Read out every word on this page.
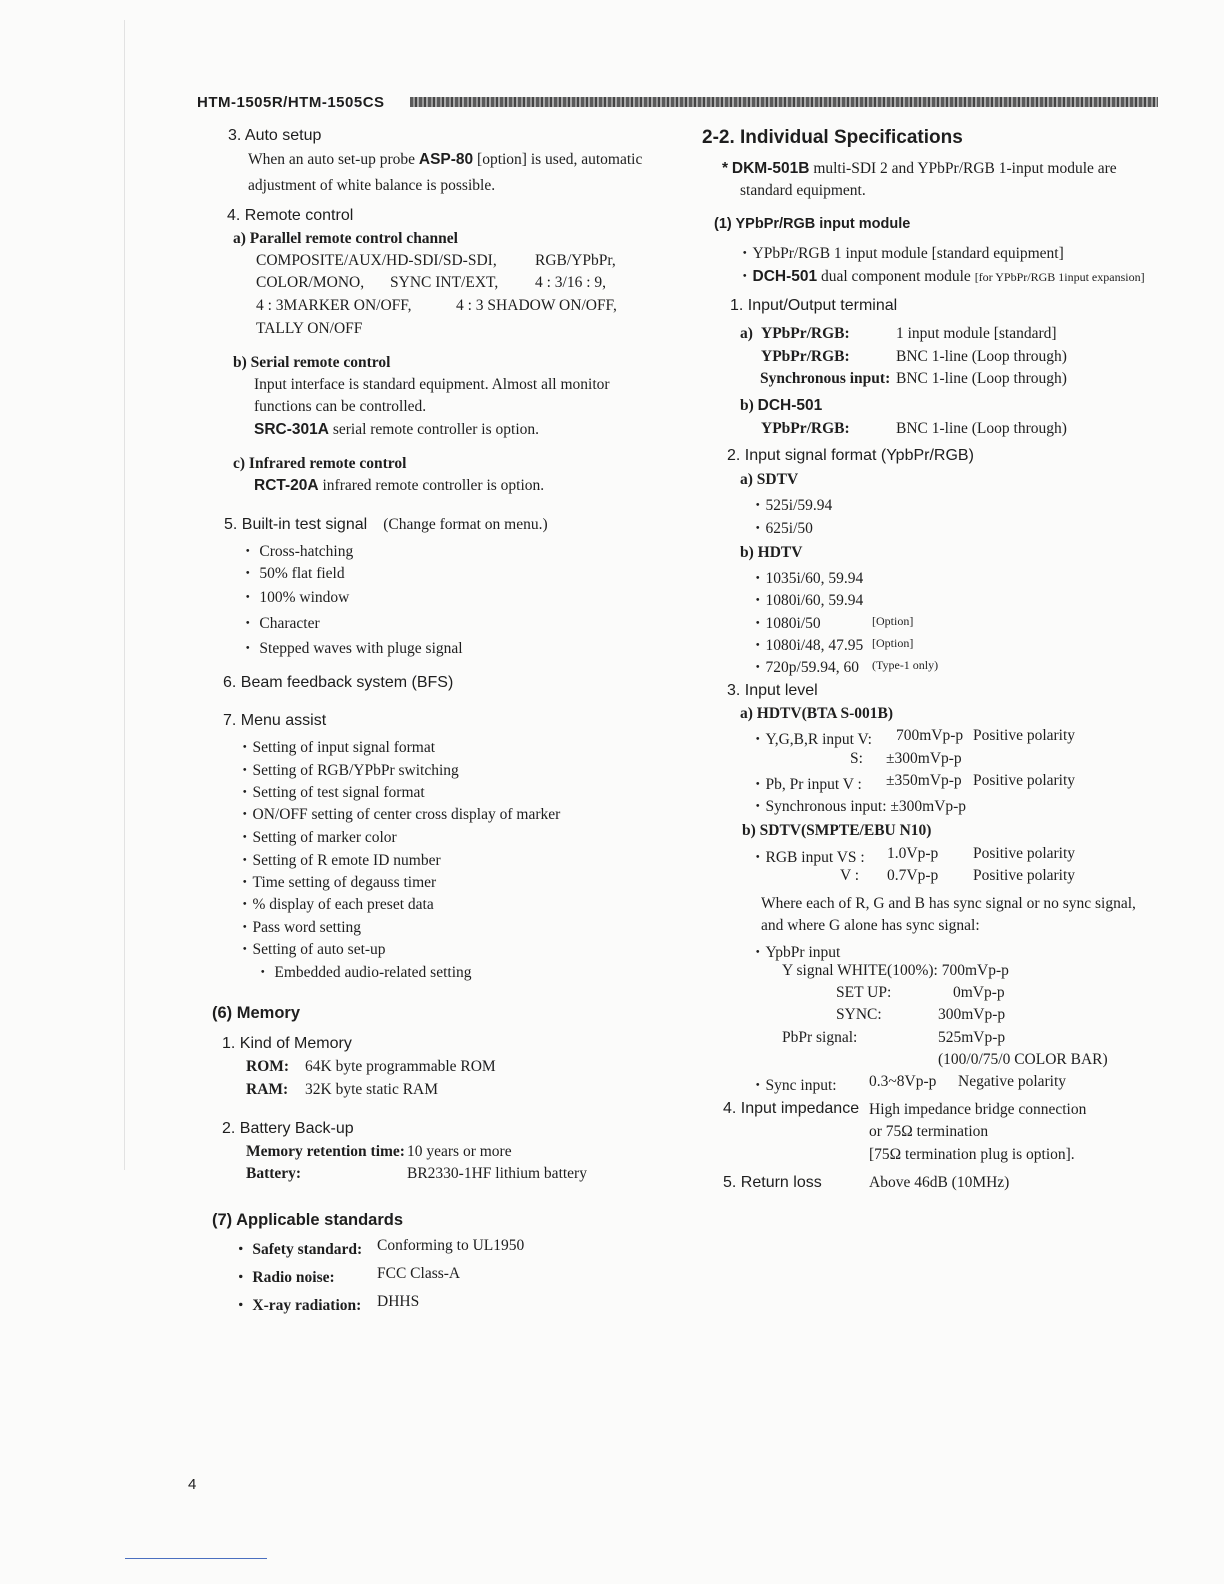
HTM-1505R/HTM-1505CS
3. Auto setup
When an auto set-up probe ASP-80 [option] is used, automatic
adjustment of white balance is possible.
4. Remote control
a) Parallel remote control channel
COMPOSITE/AUX/HD-SDI/SD-SDI, RGB/YPbPr,
COLOR/MONO, SYNC INT/EXT, 4 : 3/16 : 9,
4 : 3MARKER ON/OFF,	4 : 3 SHADOW ON/OFF,
TALLY ON/OFF
b) Serial remote control
Input interface is standard equipment. Almost all monitor
functions can be controlled.
SRC-301A serial remote controller is option.
c) Infrared remote control
RCT-20A infrared remote controller is option.
5. Built-in test signal (Change format on menu.)
・ Cross-hatching
・ 50% flat field
・ 100% window
・ Character
・ Stepped waves with pluge signal
6. Beam feedback system (BFS)
7. Menu assist
・Setting of input signal format
・Setting of RGB/YPbPr switching
・Setting of test signal format
・ON/OFF setting of center cross display of marker
・Setting of marker color
・Setting of R emote ID number
・Time setting of degauss timer
・% display of each preset data
・Pass word setting
・Setting of auto set-up
・ Embedded audio-related setting
(6) Memory
1. Kind of Memory
ROM: 64K byte programmable ROM
RAM: 32K byte static RAM
2. Battery Back-up
Memory retention time: 10 years or more
Battery:	BR2330-1HF lithium battery
(7) Applicable standards
・ Safety standard: Conforming to UL1950
・ Radio noise:	FCC Class-A
・ X-ray radiation: DHHS
2-2. Individual Specifications
* DKM-501B multi-SDI 2 and YPbPr/RGB 1-input module are
standard equipment.
(1) YPbPr/RGB input module
・YPbPr/RGB 1 input module [standard equipment]
・DCH-501 dual component module [for YPbPr/RGB 1input expansion]
1. Input/Output terminal
a) YPbPr/RGB:	1 input module [standard]
YPbPr/RGB:	BNC 1-line (Loop through)
Synchronous input: BNC 1-line (Loop through)
b) DCH-501
YPbPr/RGB:	BNC 1-line (Loop through)
2. Input signal format (YpbPr/RGB)
a) SDTV
・525i/59.94
・625i/50
b) HDTV
・1035i/60, 59.94
・1080i/60, 59.94
・1080i/50	[Option]
・1080i/48, 47.95 [Option]
・720p/59.94, 60 (Type-1 only)
3. Input level
a) HDTV(BTA S-001B)
・Y,G,B,R input V: 700mVp-p Positive polarity
S: ±300mVp-p
・Pb, Pr input V : ±350mVp-p Positive polarity
・Synchronous input: ±300mVp-p
b) SDTV(SMPTE/EBU N10)
・RGB input VS : 1.0Vp-p Positive polarity
V : 0.7Vp-p Positive polarity
Where each of R, G and B has sync signal or no sync signal,
and where G alone has sync signal:
・YpbPr input
Y signal WHITE(100%): 700mVp-p
SET UP:	0mVp-p
SYNC:	300mVp-p
PbPr signal:	525mVp-p
(100/0/75/0 COLOR BAR)
・Sync input: 0.3~8Vp-p Negative polarity
4. Input impedance High impedance bridge connection
or 75Ω termination
[75Ω termination plug is option].
5. Return loss	Above 46dB (10MHz)
4
